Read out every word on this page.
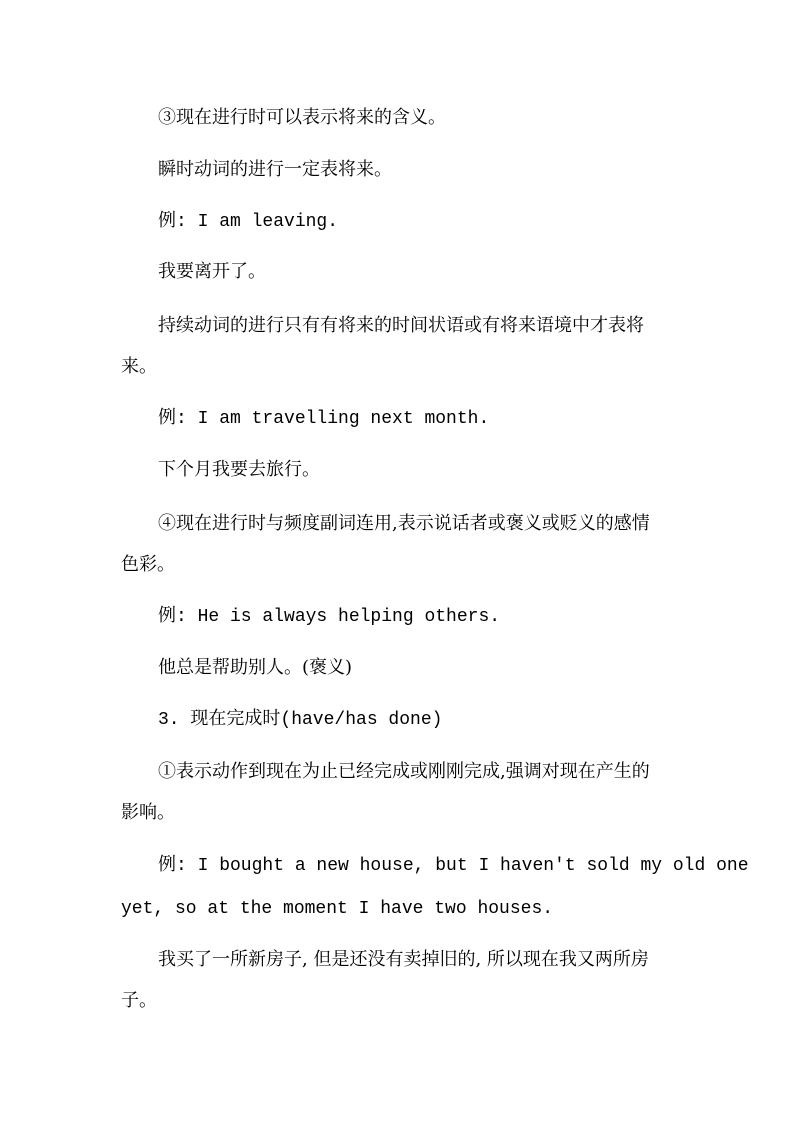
③现在进行时可以表示将来的含义。
瞬时动词的进行一定表将来。
例: I am leaving.
我要离开了。
持续动词的进行只有有将来的时间状语或有将来语境中才表将
来。
例: I am travelling next month.
下个月我要去旅行。
④现在进行时与频度副词连用,表示说话者或褒义或贬义的感情
色彩。
例: He is always helping others.
他总是帮助别人。(褒义)
3. 现在完成时(have/has done)
①表示动作到现在为止已经完成或刚刚完成,强调对现在产生的
影响。
例: I bought a new house, but I haven't sold my old one
yet, so at the moment I have two houses.
我买了一所新房子, 但是还没有卖掉旧的, 所以现在我又两所房
子。
